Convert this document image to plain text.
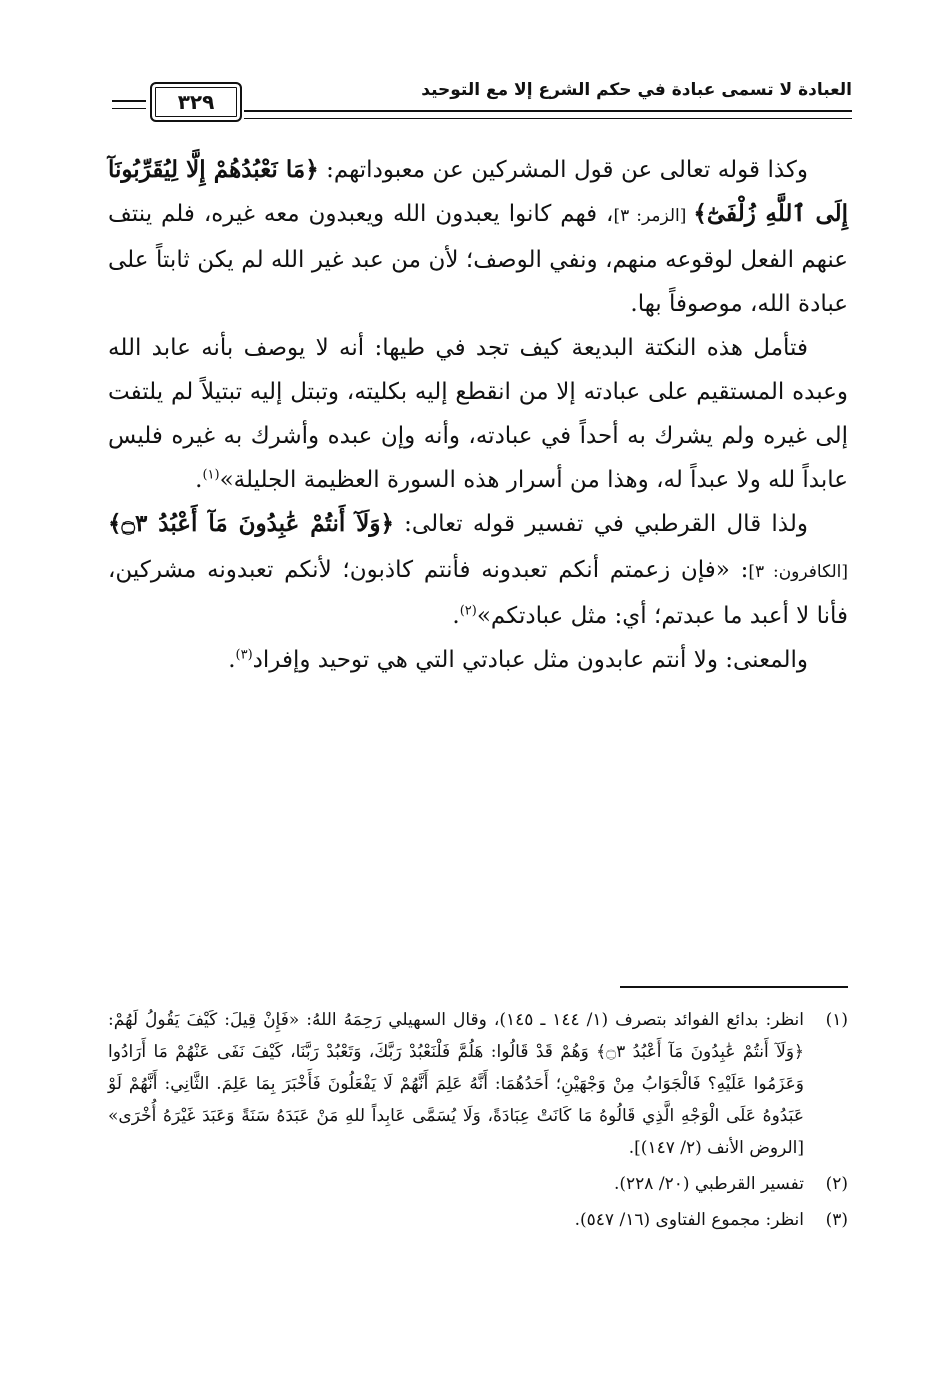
العبادة لا تسمى عبادة في حكم الشرع إلا مع التوحيد
٣٢٩

وكذا قوله تعالى عن قول المشركين عن معبوداتهم: ﴿مَا نَعْبُدُهُمْ إِلَّا لِيُقَرِّبُونَآ إِلَى ٱللَّهِ زُلْفَىٰٓ﴾ [الزمر: ٣]، فهم كانوا يعبدون الله ويعبدون معه غيره، فلم ينتف عنهم الفعل لوقوعه منهم، ونفي الوصف؛ لأن من عبد غير الله لم يكن ثابتاً على عبادة الله، موصوفاً بها.

فتأمل هذه النكتة البديعة كيف تجد في طيها: أنه لا يوصف بأنه عابد الله وعبده المستقيم على عبادته إلا من انقطع إليه بكليته، وتبتل إليه تبتيلاً لم يلتفت إلى غيره ولم يشرك به أحداً في عبادته، وأنه وإن عبده وأشرك به غيره فليس عابداً لله ولا عبداً له، وهذا من أسرار هذه السورة العظيمة الجليلة»$^{(١)}$.

ولذا قال القرطبي في تفسير قوله تعالى: ﴿وَلَآ أَنتُمْ عَٰبِدُونَ مَآ أَعْبُدُ ۝٣﴾ [الكافرون: ٣]: «فإن زعمتم أنكم تعبدونه فأنتم كاذبون؛ لأنكم تعبدونه مشركين، فأنا لا أعبد ما عبدتم؛ أي: مثل عبادتكم»$^{(٢)}$.

والمعنى: ولا أنتم عابدون مثل عبادتي التي هي توحيد وإفراد$^{(٣)}$.

(١)
انظر: بدائع الفوائد بتصرف (١/ ١٤٤ ـ ١٤٥)، وقال السهيلي رَحِمَهُ اللهُ: «فَإِنْ قِيلَ: كَيْفَ يَقُولُ لَهُمْ: ﴿وَلَآ أَنتُمْ عَٰبِدُونَ مَآ أَعْبُدُ ۝٣﴾ وَهُمْ قَدْ قَالُوا: هَلُمَّ فَلْنَعْبُدْ رَبَّكَ، وَتَعْبُدْ رَبَّنَا، كَيْفَ نَفَى عَنْهُمْ مَا أَرَادُوا وَعَزَمُوا عَلَيْهِ؟ فَالْجَوَابُ مِنْ وَجْهَيْنِ؛ أَحَدُهُمَا: أَنَّهُ عَلِمَ أَنَّهُمْ لَا يَفْعَلُونَ فَأَخْبَرَ بِمَا عَلِمَ. الثَّانِي: أَنَّهُمْ لَوْ عَبَدُوهُ عَلَى الْوَجْهِ الَّذِي قَالُوهُ مَا كَانَتْ عِبَادَةً، وَلَا يُسَمَّى عَابِداً للهِ مَنْ عَبَدَهُ سَنَةً وَعَبَدَ غَيْرَهُ أُخْرَى» [الروض الأنف (٢/ ١٤٧)].
(٢)
تفسير القرطبي (٢٠/ ٢٢٨).
(٣)
انظر: مجموع الفتاوى (١٦/ ٥٤٧).
